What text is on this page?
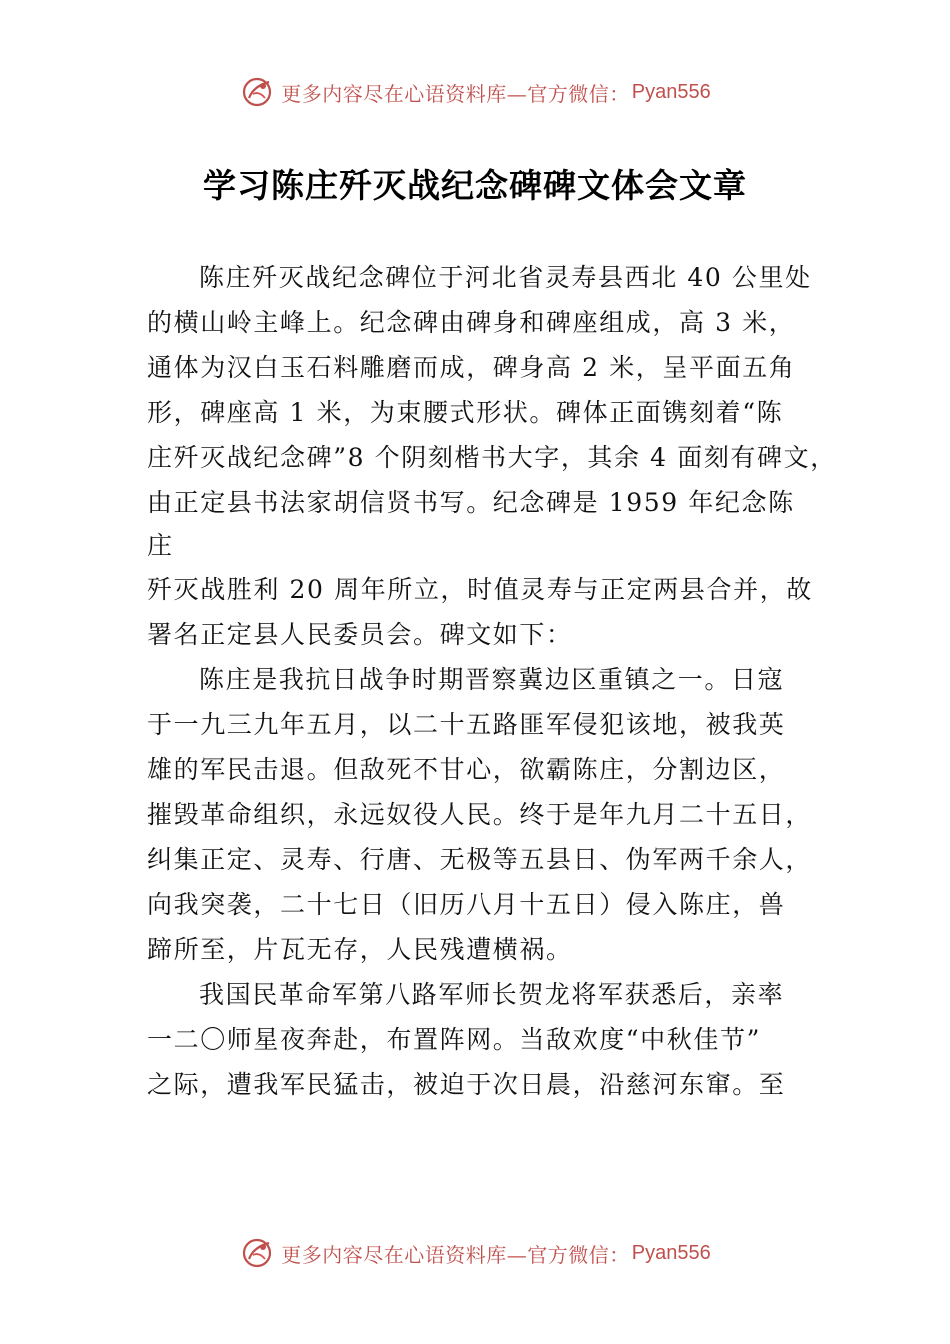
更多内容尽在心语资料库—官方微信： Pyan556
学习陈庄歼灭战纪念碑碑文体会文章
陈庄歼灭战纪念碑位于河北省灵寿县西北 40 公里处
的横山岭主峰上。纪念碑由碑身和碑座组成，高 3 米，
通体为汉白玉石料雕磨而成，碑身高 2 米，呈平面五角
形，碑座高 1 米，为束腰式形状。碑体正面镌刻着“陈
庄歼灭战纪念碑”8 个阴刻楷书大字，其余 4 面刻有碑文，
由正定县书法家胡信贤书写。纪念碑是 1959 年纪念陈
庄
歼灭战胜利 20 周年所立，时值灵寿与正定两县合并，故
署名正定县人民委员会。碑文如下：
陈庄是我抗日战争时期晋察冀边区重镇之一。日寇
于一九三九年五月，以二十五路匪军侵犯该地，被我英
雄的军民击退。但敌死不甘心，欲霸陈庄，分割边区，
摧毁革命组织，永远奴役人民。终于是年九月二十五日，
纠集正定、灵寿、行唐、无极等五县日、伪军两千余人，
向我突袭，二十七日（旧历八月十五日）侵入陈庄，兽
蹄所至，片瓦无存，人民残遭横祸。
我国民革命军第八路军师长贺龙将军获悉后，亲率
一二〇师星夜奔赴，布置阵网。当敌欢度“中秋佳节”
之际，遭我军民猛击，被迫于次日晨，沿慈河东窜。至
更多内容尽在心语资料库—官方微信： Pyan556
